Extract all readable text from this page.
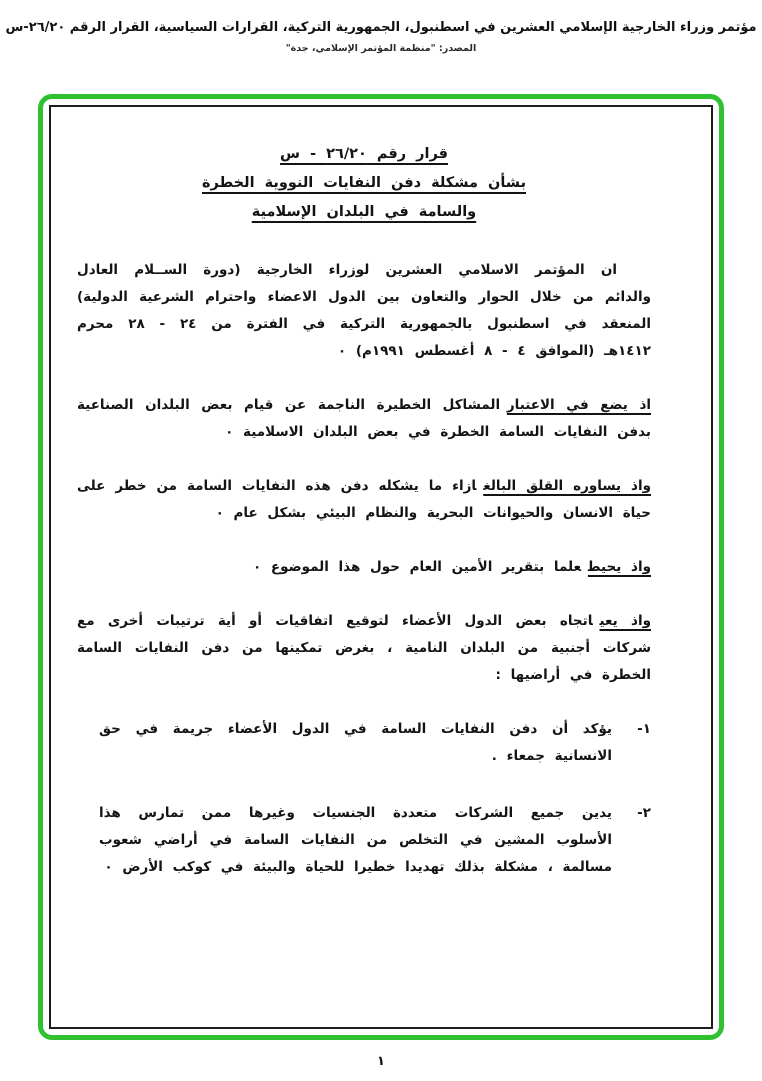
مؤتمر وزراء الخارجية الإسلامي العشرين في اسطنبول، الجمهورية التركية، القرارات السياسية، القرار الرقم ٢٦/٢٠-س
المصدر: "منظمة المؤتمر الإسلامي، جدة"
قرار رقم ٢٦/٢٠ - س
بشأن مشكلة دفن النفايات النووية الخطرة
والسامة في البلدان الإسلامية

ان المؤتمر الاسلامي العشرين لوزراء الخارجية (دورة الســلام العادل والدائم من خلال الحوار والتعاون بين الدول الاعضاء واحترام الشرعية الدولية) المنعقد في اسطنبول بالجمهورية التركية في الفترة من ٢٤ - ٢٨ محرم ١٤١٢هـ (الموافق ٤ - ٨ أغسطس ١٩٩١م) ٠

اذ يضع في الاعتبارالمشاكل الخطيرة الناجمة عن قيام بعض البلدان الصناعية بدفن النفايات السامة الخطرة في بعض البلدان الاسلامية ٠

واذ يساوره القلق البالغازاء ما يشكله دفن هذه النفايات السامة من خطر على حياة الانسان والحيوانات البحرية والنظام البيئي بشكل عام ٠

واذ يحيطعلما بتقرير الأمين العام حول هذا الموضوع ٠

واذ يعياتجاه بعض الدول الأعضاء لتوقيع اتفاقيات أو أية ترتيبات أخرى مع شركات أجنبية من البلدان النامية ، بغرض تمكينها من دفن النفايات السامة الخطرة في أراضيها :

١-
يؤكد أن دفن النفايات السامة في الدول الأعضاء جريمة في حق الانسانية جمعاء .
٢-
يدين جميع الشركات متعددة الجنسيات وغيرها ممن تمارس هذا الأسلوب المشين في التخلص من النفايات السامة في أراضي شعوب مسالمة ، مشكلة بذلك تهديدا خطيرا للحياة والبيئة في كوكب الأرض ٠
١
